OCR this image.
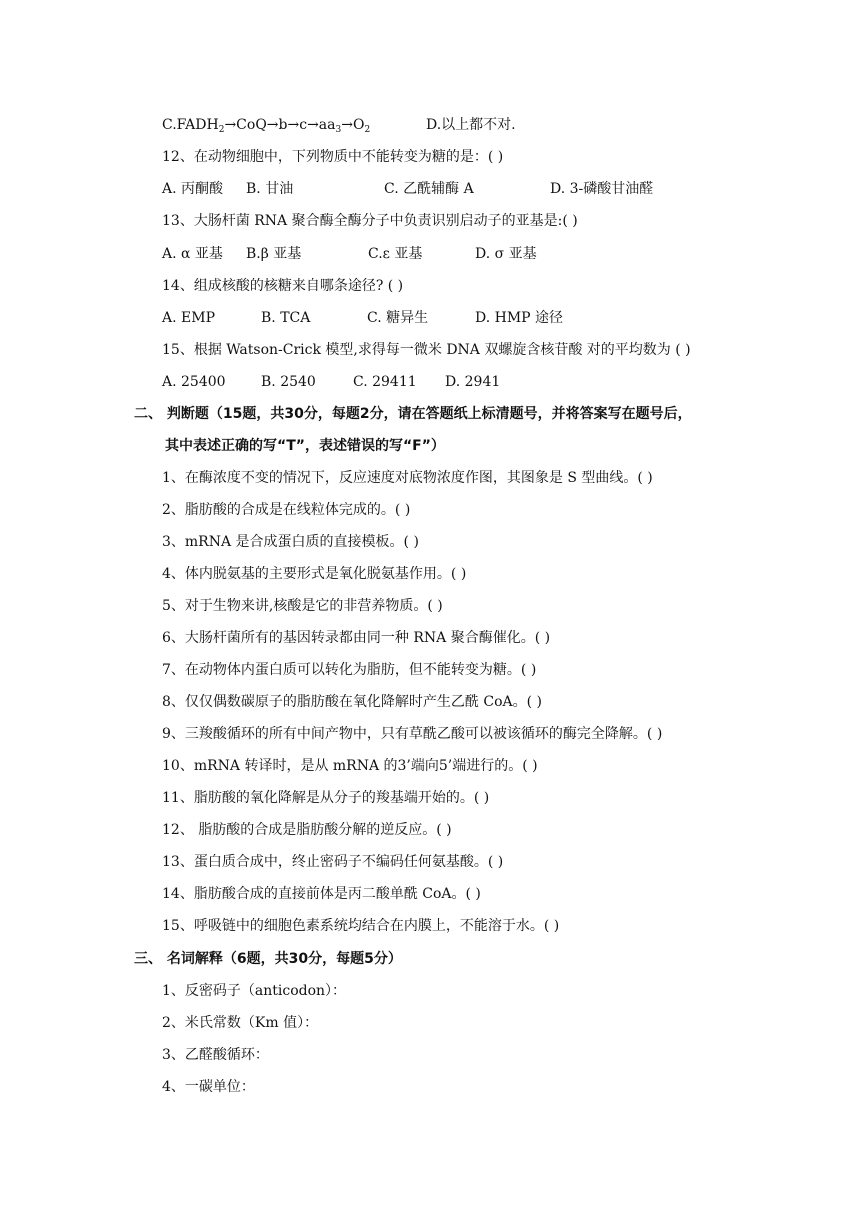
$C.FADH_2\to CoQ\to b\to c\to aa_3\to O_2$	D.以上都不对.
12、在动物细胞中，下列物质中不能转变为糖的是：( )
A. 丙酮酸 B. 甘油	C. 乙酰辅酶 A	D. 3-磷酸甘油醛
13、大肠杆菌 RNA 聚合酶全酶分子中负责识别启动子的亚基是:( )
A. α 亚基 B.β 亚基	C.ε 亚基	D. σ 亚基
14、组成核酸的核糖来自哪条途径? ( )
A. EMP	B. TCA	C. 糖异生	D. HMP 途径
15、根据 Watson-Crick 模型,求得每一微米 DNA 双螺旋含核苷酸 对的平均数为 ( )
A. 25400	B. 2540	C. 29411 D. 2941
二、 判断题（15题，共30分，每题2分，请在答题纸上标清题号，并将答案写在题号后，
其中表述正确的写“T”，表述错误的写“F”）
1、在酶浓度不变的情况下，反应速度对底物浓度作图，其图象是 S 型曲线。( )
2、脂肪酸的合成是在线粒体完成的。( )
3、mRNA 是合成蛋白质的直接模板。( )
4、体内脱氨基的主要形式是氧化脱氨基作用。( )
5、对于生物来讲,核酸是它的非营养物质。( )
6、大肠杆菌所有的基因转录都由同一种 RNA 聚合酶催化。( )
7、在动物体内蛋白质可以转化为脂肪，但不能转变为糖。( )
8、仅仅偶数碳原子的脂肪酸在氧化降解时产生乙酰 CoA。( )
9、三羧酸循环的所有中间产物中，只有草酰乙酸可以被该循环的酶完全降解。( )
10、mRNA 转译时，是从 mRNA 的3’端向5’端进行的。( )
11、脂肪酸的氧化降解是从分子的羧基端开始的。( )
12、 脂肪酸的合成是脂肪酸分解的逆反应。( )
13、蛋白质合成中，终止密码子不编码任何氨基酸。( )
14、脂肪酸合成的直接前体是丙二酸单酰 CoA。( )
15、呼吸链中的细胞色素系统均结合在内膜上，不能溶于水。( )
三、 名词解释（6题，共30分，每题5分）
1、反密码子（anticodon）：
2、米氏常数（Km 值）：
3、乙醛酸循环：
4、一碳单位：
